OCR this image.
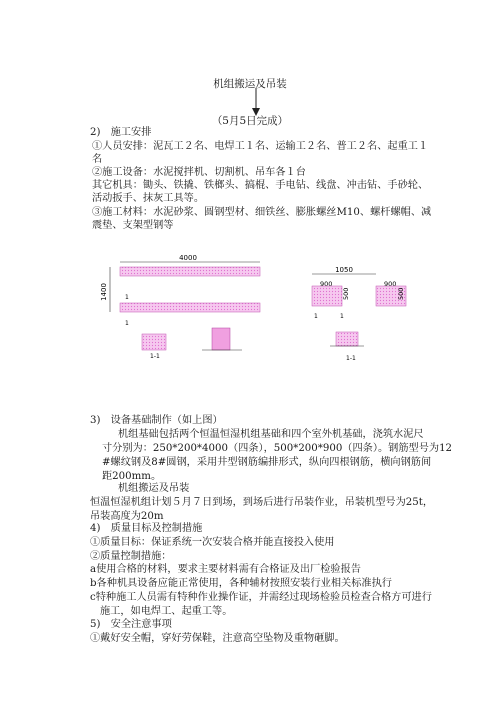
机组搬运及吊装
（5月5日完成）
2)　施工安排
①人员安排：泥瓦工２名、电焊工１名、运输工２名、普工２名、起重工１
名
②施工设备：水泥搅拌机、切割机、吊车各１台
其它机具：锄头、铁撬、铁榔头、搞棍、手电钻、线盘、冲击钻、手砂轮、
活动扳手、抹灰工具等。
③施工材料：水泥砂浆、圆钢型材、细铁丝、膨胀螺丝M10、螺杆螺帽、减
震垫、支架型钢等
4000
1400	1
1
1-1
1050
900
500
900
500
1	1
1-1
3)　设备基础制作（如上图）
机组基础包括两个恒温恒湿机组基础和四个室外机基础，浇筑水泥尺
寸分别为：250*200*4000（四条），500*200*900（四条）。钢筋型号为12
#螺纹钢及8#圆钢，采用井型钢筋编排形式，纵向四根钢筋，横向钢筋间
距200mm。
机组搬运及吊装
恒温恒湿机组计划５月７日到场，到场后进行吊装作业，吊装机型号为25t，
吊装高度为20m
4)　质量目标及控制措施
①质量目标：保证系统一次安装合格并能直接投入使用
②质量控制措施：
a使用合格的材料，要求主要材料需有合格证及出厂检验报告
b各种机具设备应能正常使用，各种辅材按照安装行业相关标准执行
c特种施工人员需有特种作业操作证，并需经过现场检验员检查合格方可进行
施工，如电焊工、起重工等。
5)　安全注意事项
①戴好安全帽，穿好劳保鞋，注意高空坠物及重物砸脚。
